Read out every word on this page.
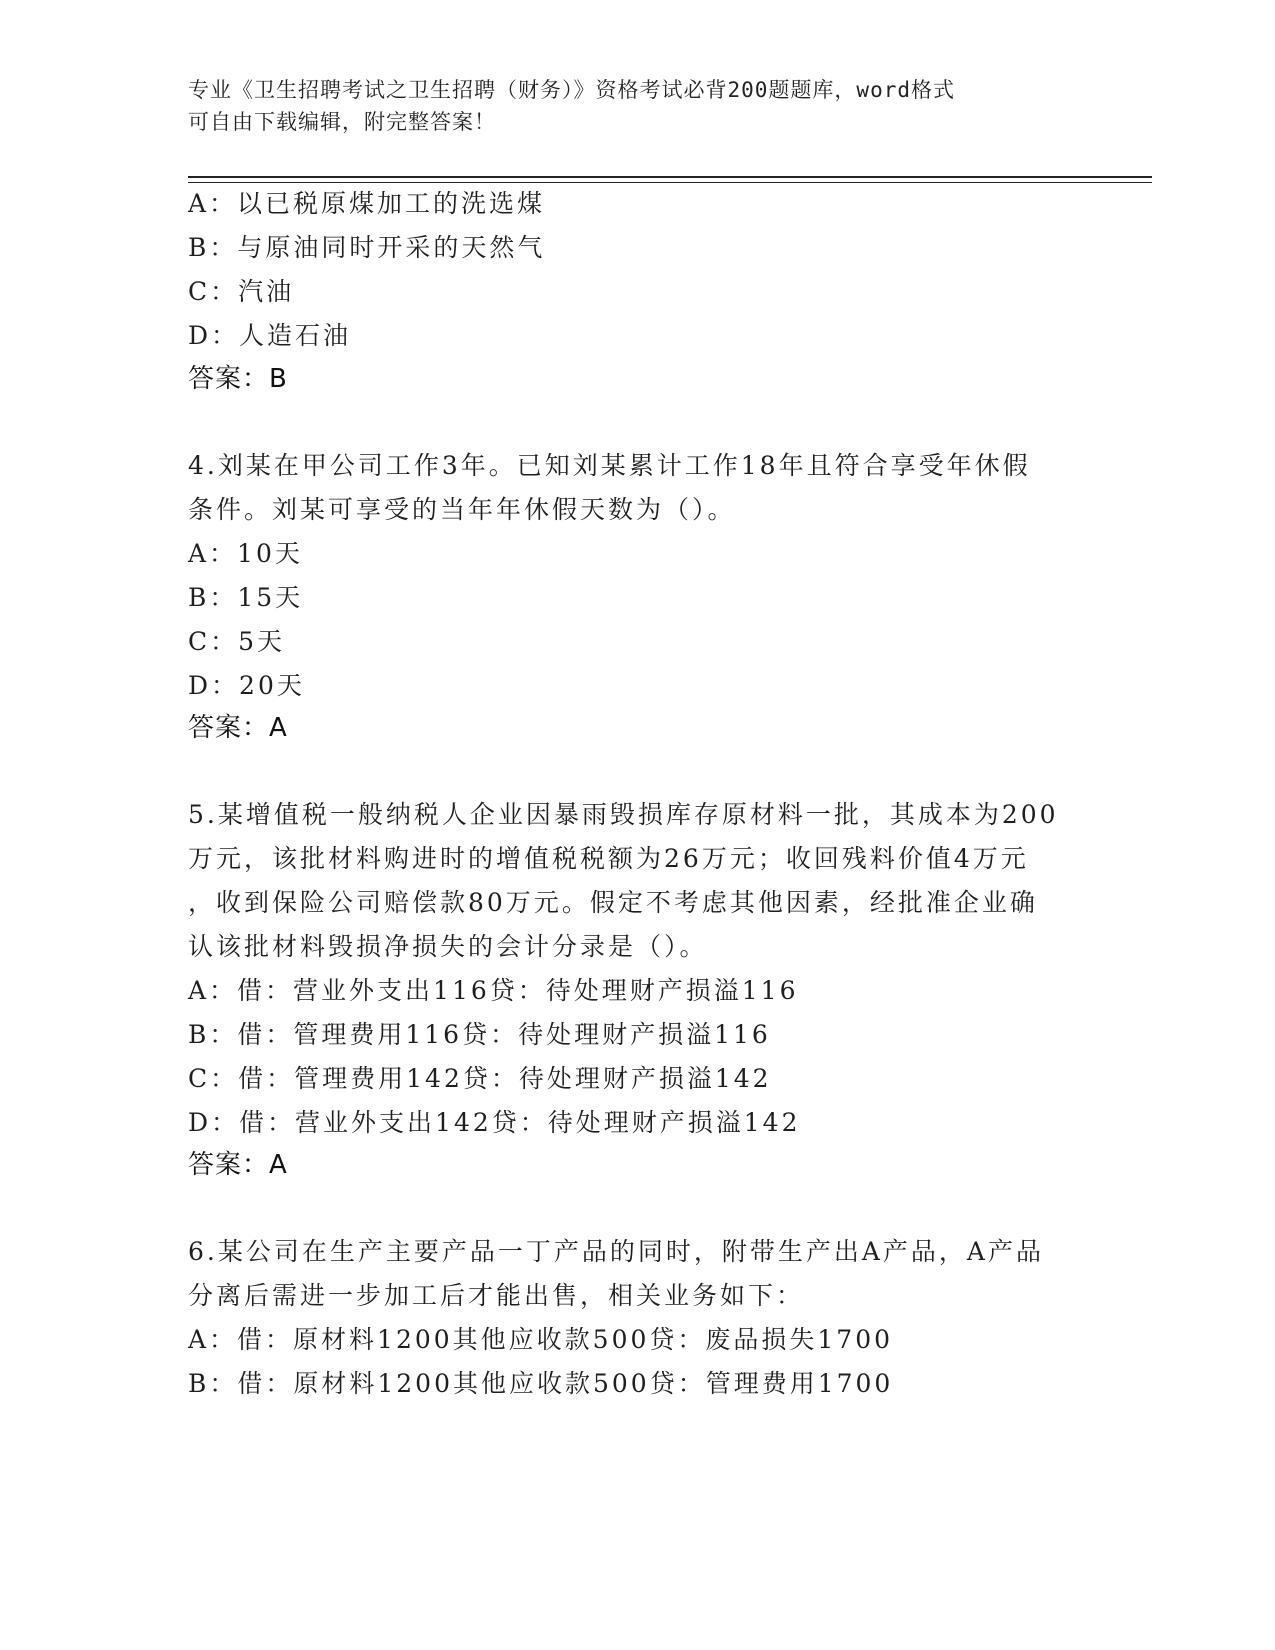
专业《卫生招聘考试之卫生招聘（财务）》资格考试必背200题题库，word格式
可自由下载编辑，附完整答案！
A：以已税原煤加工的洗选煤
B：与原油同时开采的天然气
C：汽油
D：人造石油
答案：B
4.刘某在甲公司工作3年。已知刘某累计工作18年且符合享受年休假
条件。刘某可享受的当年年休假天数为（）。
A：10天
B：15天
C：5天
D：20天
答案：A
5.某增值税一般纳税人企业因暴雨毁损库存原材料一批，其成本为200
万元，该批材料购进时的增值税税额为26万元；收回残料价值4万元
，收到保险公司赔偿款80万元。假定不考虑其他因素，经批准企业确
认该批材料毁损净损失的会计分录是（）。
A：借：营业外支出116贷：待处理财产损溢116
B：借：管理费用116贷：待处理财产损溢116
C：借：管理费用142贷：待处理财产损溢142
D：借：营业外支出142贷：待处理财产损溢142
答案：A
6.某公司在生产主要产品一丁产品的同时，附带生产出A产品，A产品
分离后需进一步加工后才能出售，相关业务如下：
A：借：原材料1200其他应收款500贷：废品损失1700
B：借：原材料1200其他应收款500贷：管理费用1700
